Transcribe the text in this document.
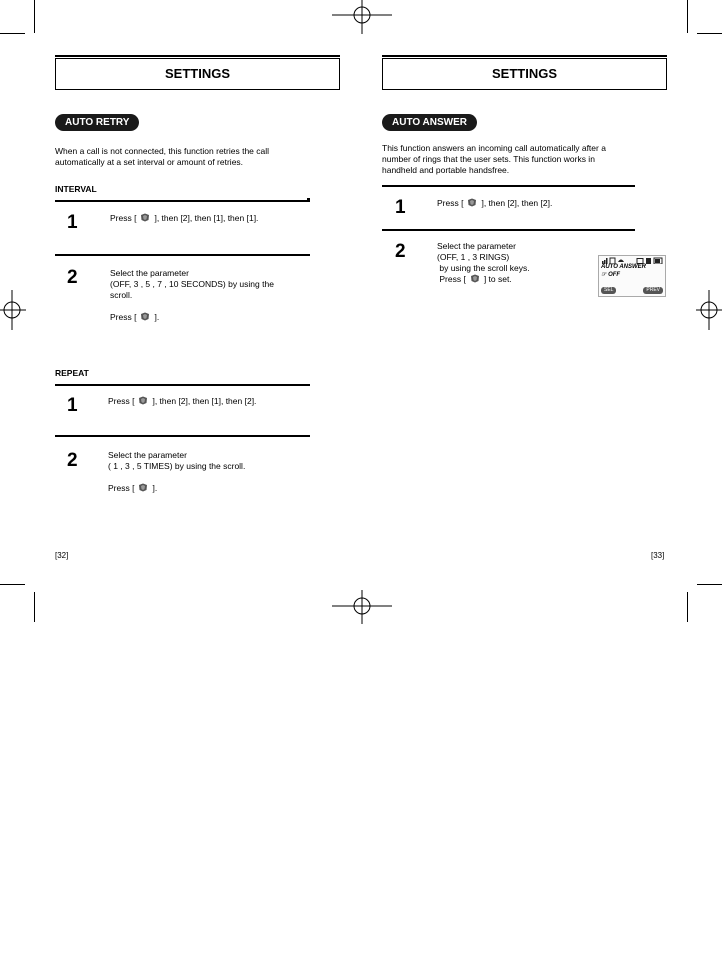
SETTINGS
AUTO RETRY
When a call is not connected, this function retries the call
automatically at a set interval or amount of retries.
INTERVAL
1	Press [ ], then [2], then [1], then [1].
2	Select the parameter
(OFF, 3 , 5 , 7 , 10 SECONDS) by using the
scroll.
Press [ ].
REPEAT
1	Press [ ], then [2], then [1], then [2].
2	Select the parameter
( 1 , 3 , 5 TIMES) by using the scroll.
Press [ ].
[32]
SETTINGS
AUTO ANSWER
This function answers an incoming call automatically after a
number of rings that the user sets. This function works in
handheld and portable handsfree.
1	Press [ ], then [2], then [2].
2	Select the parameter
(OFF, 1 , 3 RINGS)
by using the scroll keys.
Press [ ] to set.
AUTO ANSWER
☞ OFF
SEL	PREV
[33]
